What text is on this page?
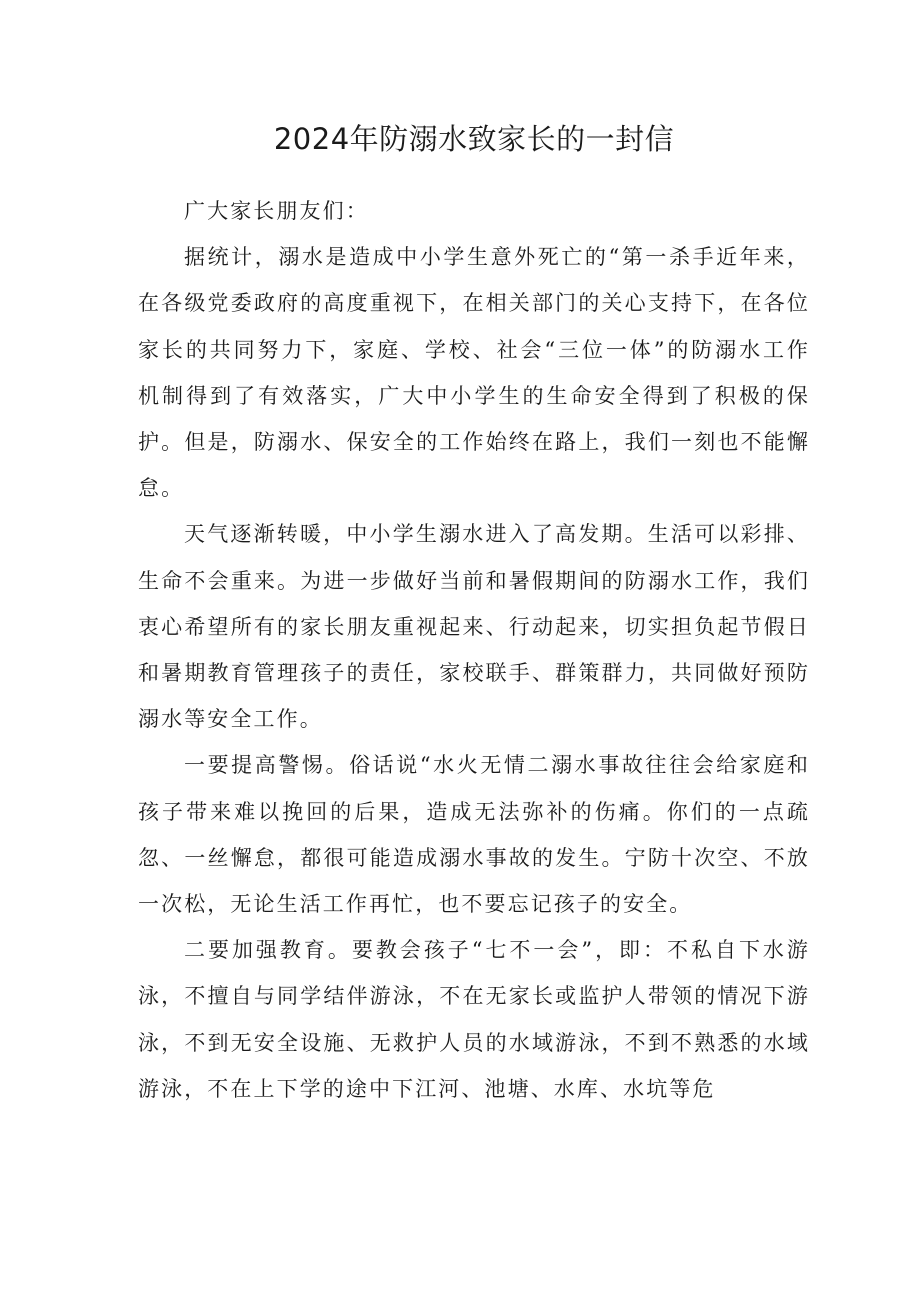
2024年防溺水致家长的一封信

广大家长朋友们：

据统计，溺水是造成中小学生意外死亡的“第一杀手近年来，在各级党委政府的高度重视下，在相关部门的关心支持下，在各位家长的共同努力下，家庭、学校、社会“三位一体”的防溺水工作机制得到了有效落实，广大中小学生的生命安全得到了积极的保护。但是，防溺水、保安全的工作始终在路上，我们一刻也不能懈怠。

天气逐渐转暖，中小学生溺水进入了高发期。生活可以彩排、生命不会重来。为进一步做好当前和暑假期间的防溺水工作，我们衷心希望所有的家长朋友重视起来、行动起来，切实担负起节假日和暑期教育管理孩子的责任，家校联手、群策群力，共同做好预防溺水等安全工作。

一要提高警惕。俗话说“水火无情二溺水事故往往会给家庭和孩子带来难以挽回的后果，造成无法弥补的伤痛。你们的一点疏忽、一丝懈怠，都很可能造成溺水事故的发生。宁防十次空、不放一次松，无论生活工作再忙，也不要忘记孩子的安全。

二要加强教育。要教会孩子“七不一会”，即：不私自下水游泳，不擅自与同学结伴游泳，不在无家长或监护人带领的情况下游泳，不到无安全设施、无救护人员的水域游泳，不到不熟悉的水域游泳，不在上下学的途中下江河、池塘、水库、水坑等危
